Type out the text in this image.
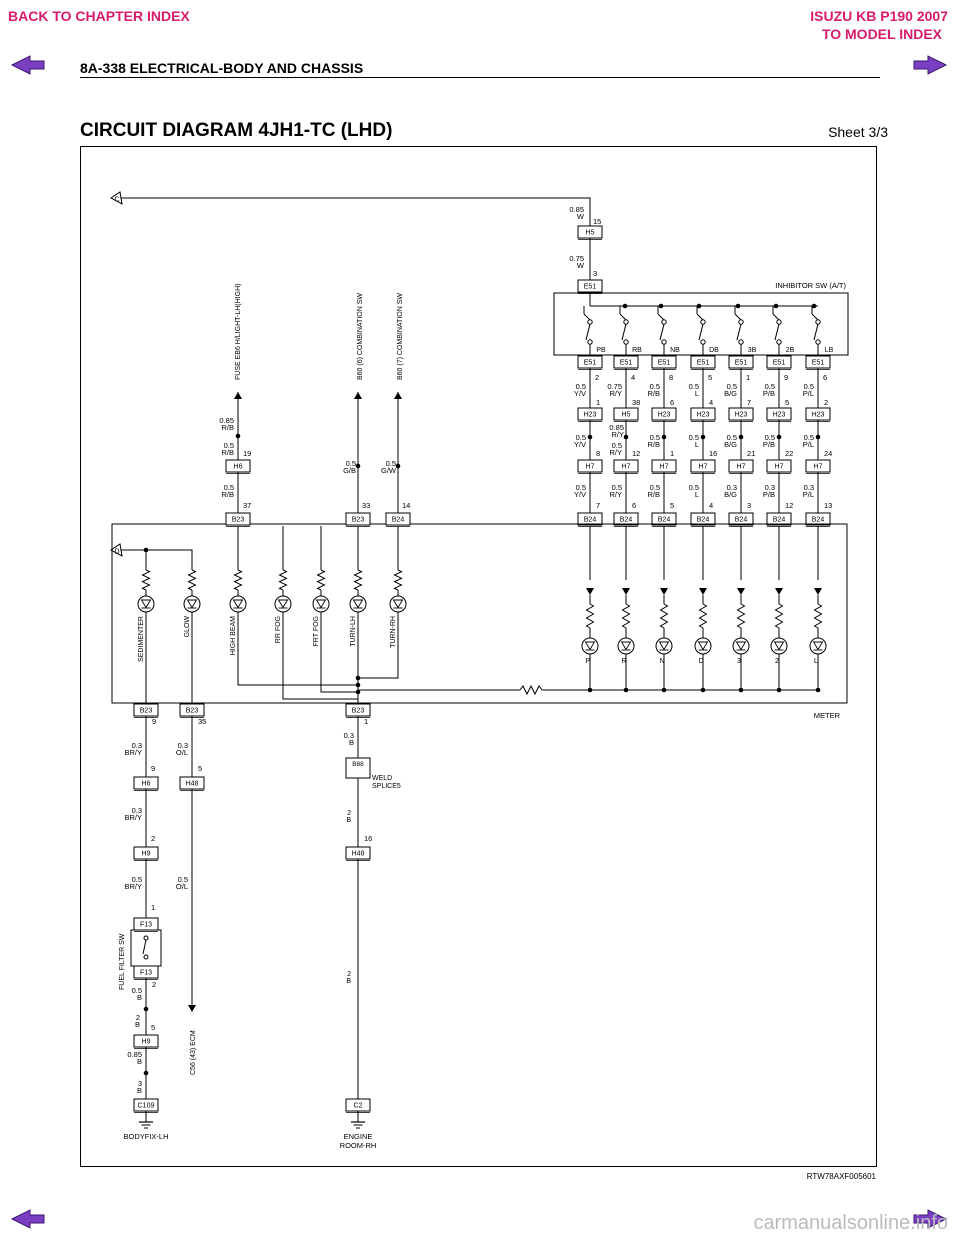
BACK TO CHAPTER INDEX	ISUZU KB P190 2007
TO MODEL INDEX
8A-338 ELECTRICAL-BODY AND CHASSIS
CIRCUIT DIAGRAM 4JH1-TC (LHD)	Sheet 3/3
C
D
0.85
W
15
H5
0.75
W
3
E51	INHIBITOR SW (A/T)
PB	RB	NB	DB	3B	2B	LB
E51
2
0.5
Y/V
1
H23
0.5
Y/V
8
H7
0.5
Y/V
7
B24
P
E51
4
0.75
R/Y
38
H5
0.85
R/Y
0.5
R/Y 12
H7
0.5
R/Y
6
B24
R
E51
8
0.5
R/B
6
H23
0.5
R/B
1
H7
0.5
R/B
5
B24
N
E51
5
0.5
L
4
H23
0.5
L
16
H7
0.5
L
4
B24
D
E51
1
0.5
B/G
7
H23
0.5
B/G
21
H7
0.3
B/G
3
B24
3
E51
9
0.5
P/B
5
H23
0.5
P/B
22
H7
0.3
P/B
12
B24
2
E51
6
0.5
P/L
2
H23
0.5
P/L
24
H7
0.3
P/L
13
B24
L
METER
FUSE EB6 H/LIGHT-LH(HIGH)	B60 (6) COMBINATION SW	B60 (7) COMBINATION SW
0.85
R/B
0.5
R/B 19
H6
0.5
R/B
37
B23
0.5
G/B
33
B23
0.5
G/W
14
B24
SEDIMENTER	GLOW	HIGH BEAM	RR FOG	FRT FOG	TURN-LH	TURN-RH
B23
9
B23
35
B23
1
0.3
BR/Y
9
H6
0.3
BR/Y
2
H9
0.5
BR/Y
1
F13
FUEL FILTER SW F13
2
0.5
B
2
B 5
H9
0.85
B
3
B
C109
BODYFIX-LH
0.3
O/L
5
H48
0.5
O/L
C56 (43) ECM
0.3
B
B88
WELD
SPLICE5
2
B
16
H48
2
B
C2
ENGINE
ROOM-RH
RTW78AXF005601
carmanualsonline.info
